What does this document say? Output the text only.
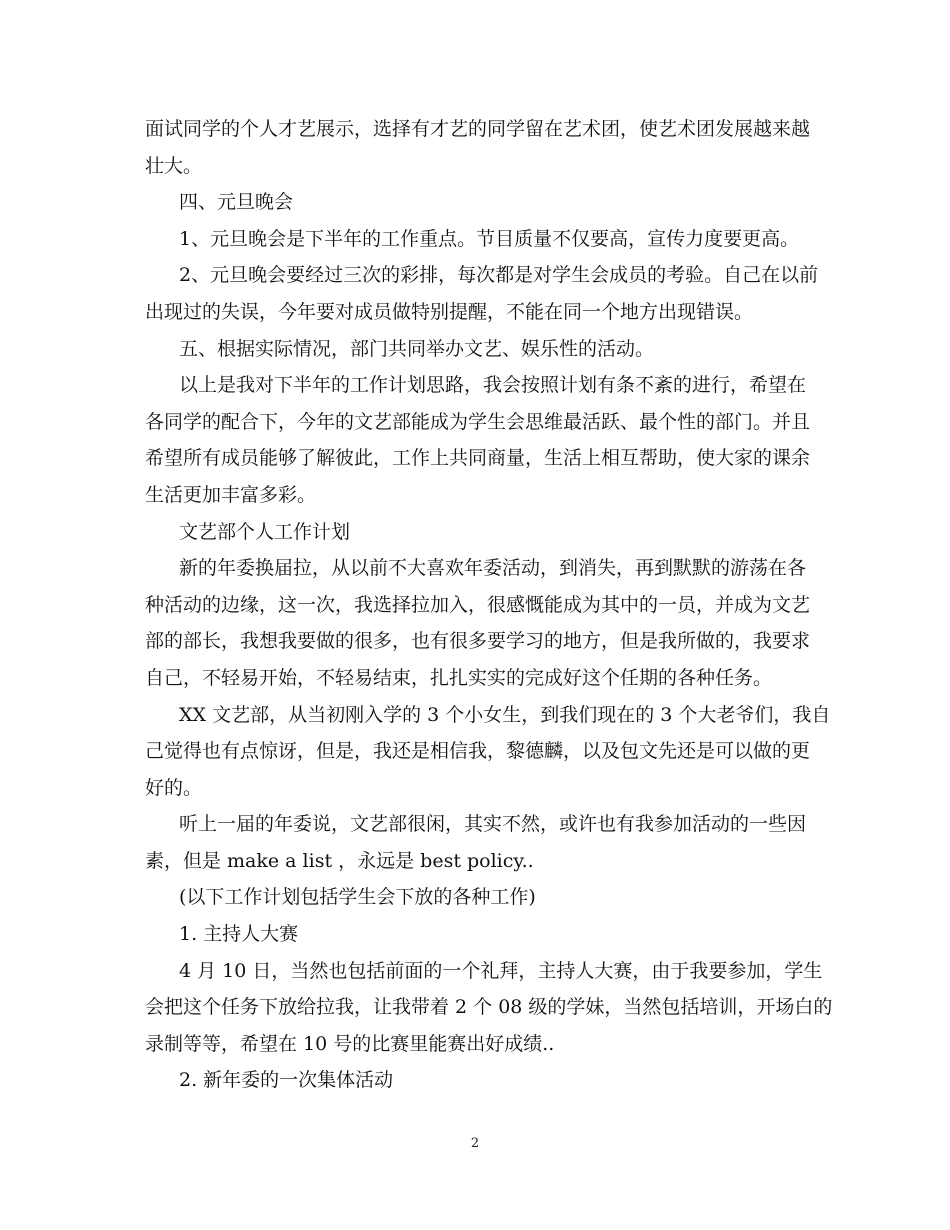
面试同学的个人才艺展示，选择有才艺的同学留在艺术团，使艺术团发展越来越

壮大。

四、元旦晚会

1、元旦晚会是下半年的工作重点。节目质量不仅要高，宣传力度要更高。

2、元旦晚会要经过三次的彩排，每次都是对学生会成员的考验。自己在以前

出现过的失误，今年要对成员做特别提醒，不能在同一个地方出现错误。

五、根据实际情况，部门共同举办文艺、娱乐性的活动。

以上是我对下半年的工作计划思路，我会按照计划有条不紊的进行，希望在

各同学的配合下，今年的文艺部能成为学生会思维最活跃、最个性的部门。并且

希望所有成员能够了解彼此，工作上共同商量，生活上相互帮助，使大家的课余

生活更加丰富多彩。

文艺部个人工作计划

新的年委换届拉，从以前不大喜欢年委活动，到消失，再到默默的游荡在各

种活动的边缘，这一次，我选择拉加入，很感慨能成为其中的一员，并成为文艺

部的部长，我想我要做的很多，也有很多要学习的地方，但是我所做的，我要求

自己，不轻易开始，不轻易结束，扎扎实实的完成好这个任期的各种任务。

XX 文艺部，从当初刚入学的 3 个小女生，到我们现在的 3 个大老爷们，我自

己觉得也有点惊讶，但是，我还是相信我，黎德麟，以及包文先还是可以做的更

好的。

听上一届的年委说，文艺部很闲，其实不然，或许也有我参加活动的一些因

素，但是 make a list ，永远是 best policy..

(以下工作计划包括学生会下放的各种工作)

1. 主持人大赛

4 月 10 日，当然也包括前面的一个礼拜，主持人大赛，由于我要参加，学生

会把这个任务下放给拉我，让我带着 2 个 08 级的学妹，当然包括培训，开场白的

录制等等，希望在 10 号的比赛里能赛出好成绩..

2. 新年委的一次集体活动

2
